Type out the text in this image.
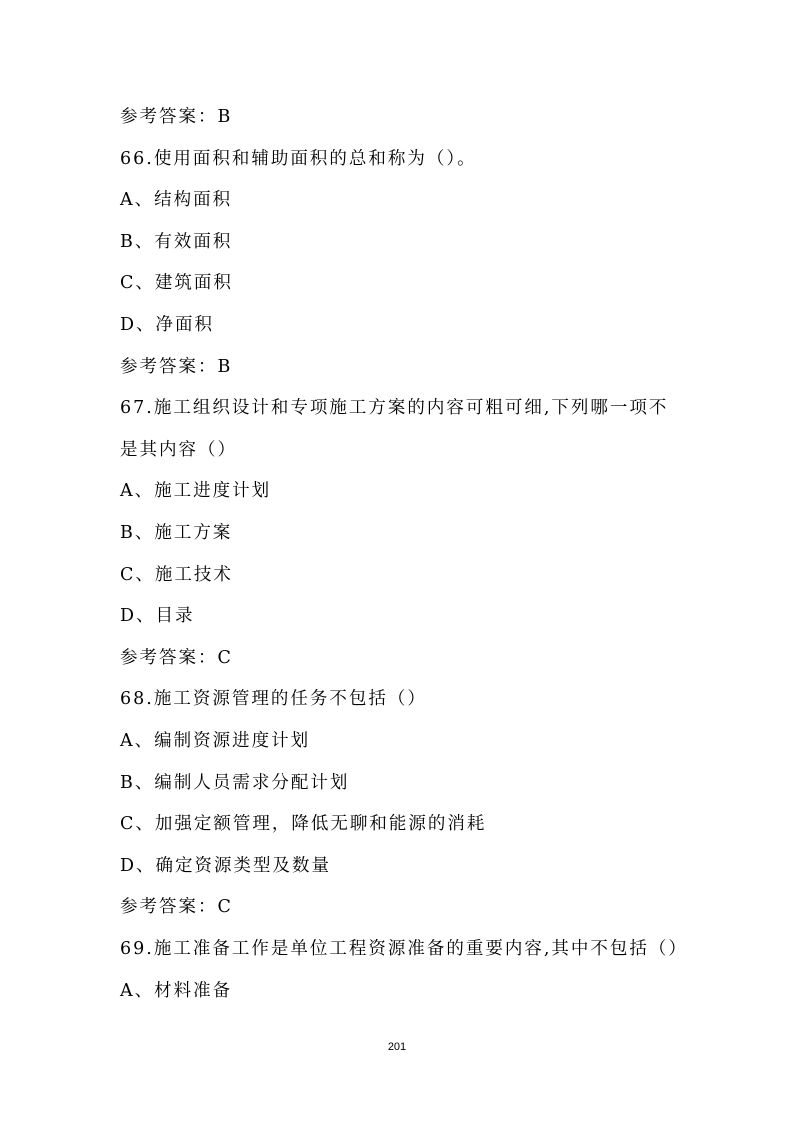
参考答案：B
66.使用面积和辅助面积的总和称为（）。
A、结构面积
B、有效面积
C、建筑面积
D、净面积
参考答案：B
67.施工组织设计和专项施工方案的内容可粗可细,下列哪一项不
是其内容（）
A、施工进度计划
B、施工方案
C、施工技术
D、目录
参考答案：C
68.施工资源管理的任务不包括（）
A、编制资源进度计划
B、编制人员需求分配计划
C、加强定额管理，降低无聊和能源的消耗
D、确定资源类型及数量
参考答案：C
69.施工准备工作是单位工程资源准备的重要内容,其中不包括（）
A、材料准备
201
